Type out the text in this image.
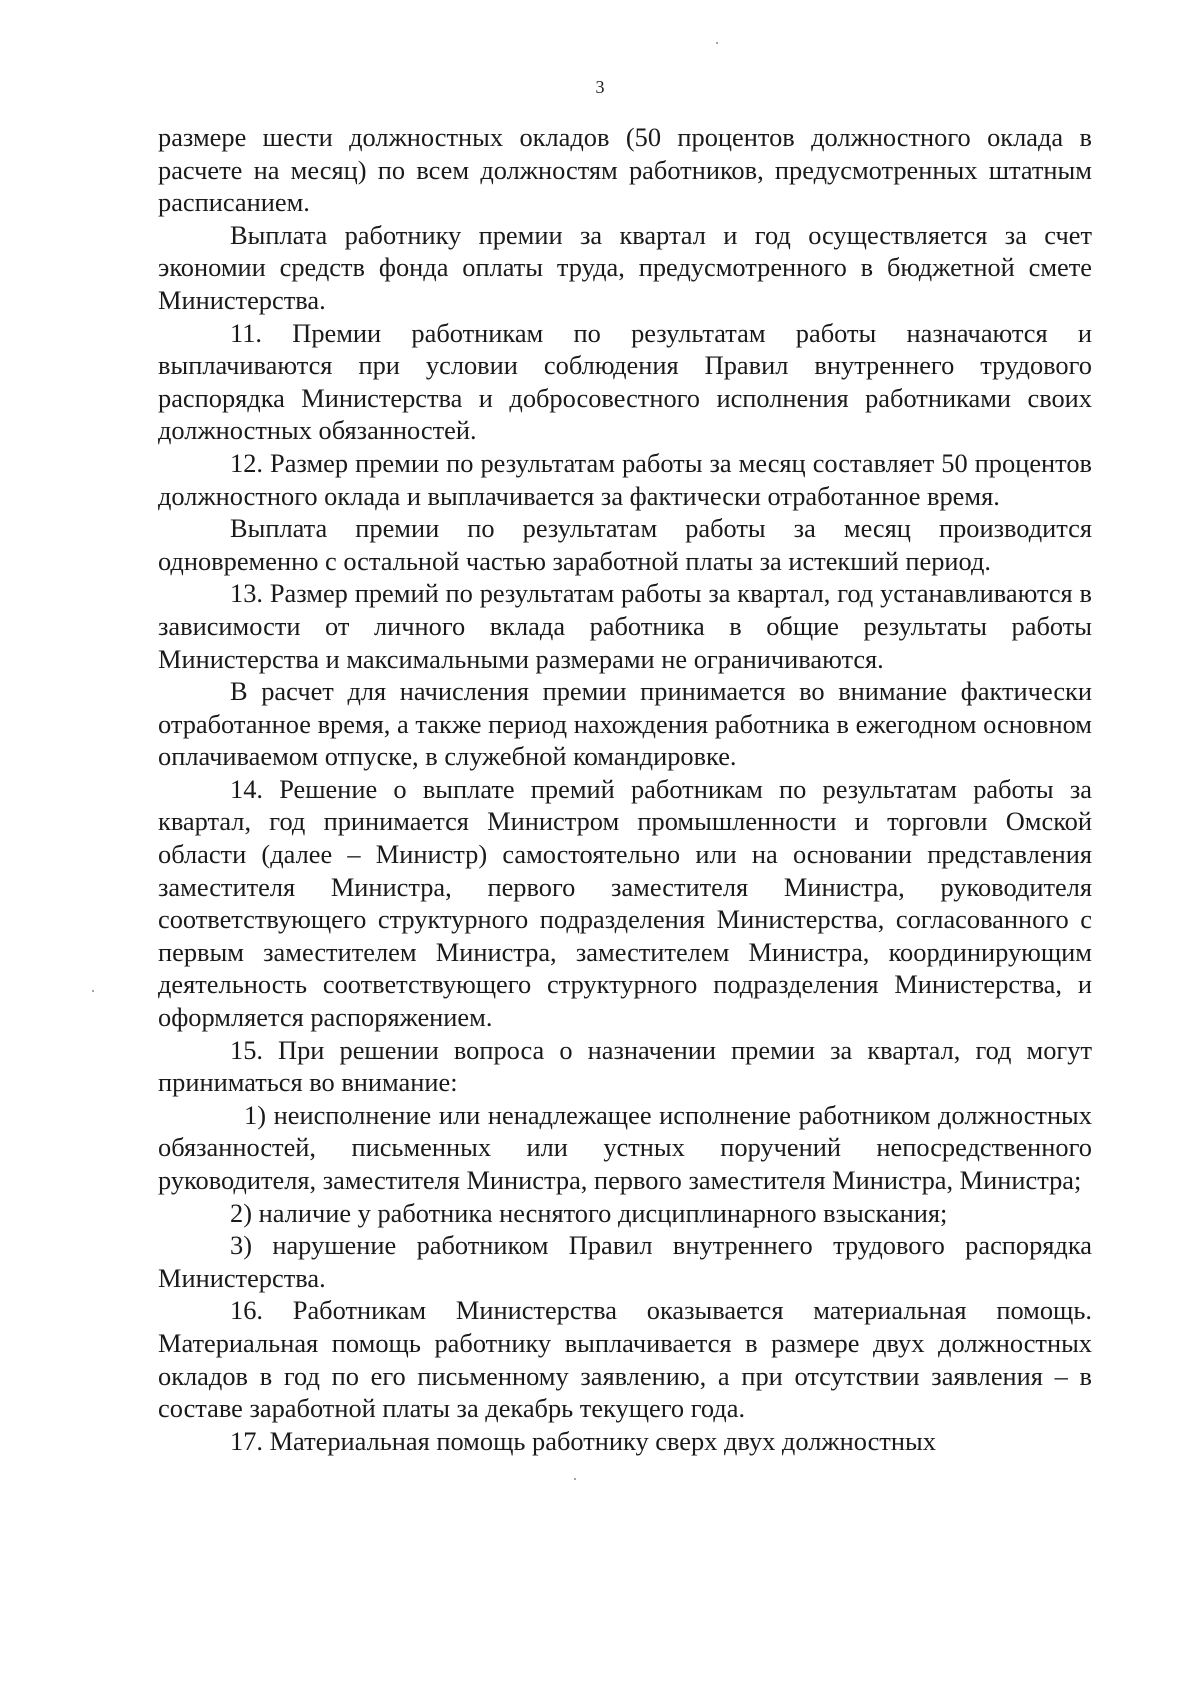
3

размере шести должностных окладов (50 процентов должностного оклада в расчете на месяц) по всем должностям работников, предусмотренных штатным расписанием.

Выплата работнику премии за квартал и год осуществляется за счет экономии средств фонда оплаты труда, предусмотренного в бюджетной смете Министерства.

11. Премии работникам по результатам работы назначаются и выплачиваются при условии соблюдения Правил внутреннего трудового распорядка Министерства и добросовестного исполнения работниками своих должностных обязанностей.

12. Размер премии по результатам работы за месяц составляет 50 процентов должностного оклада и выплачивается за фактически отработанное время.

Выплата премии по результатам работы за месяц производится одновременно с остальной частью заработной платы за истекший период.

13. Размер премий по результатам работы за квартал, год устанавливаются в зависимости от личного вклада работника в общие результаты работы Министерства и максимальными размерами не ограничиваются.

В расчет для начисления премии принимается во внимание фактически отработанное время, а также период нахождения работника в ежегодном основном оплачиваемом отпуске, в служебной командировке.

14. Решение о выплате премий работникам по результатам работы за квартал, год принимается Министром промышленности и торговли Омской области (далее – Министр) самостоятельно или на основании представления заместителя Министра, первого заместителя Министра, руководителя соответствующего структурного подразделения Министерства, согласованного с первым заместителем Министра, заместителем Министра, координирующим деятельность соответствующего структурного подразделения Министерства, и оформляется распоряжением.

15. При решении вопроса о назначении премии за квартал, год могут приниматься во внимание:

1) неисполнение или ненадлежащее исполнение работником должностных обязанностей, письменных или устных поручений непосредственного руководителя, заместителя Министра, первого заместителя Министра, Министра;

2) наличие у работника неснятого дисциплинарного взыскания;

3) нарушение работником Правил внутреннего трудового распорядка Министерства.

16. Работникам Министерства оказывается материальная помощь. Материальная помощь работнику выплачивается в размере двух должностных окладов в год по его письменному заявлению, а при отсутствии заявления – в составе заработной платы за декабрь текущего года.

17. Материальная помощь работнику сверх двух должностных
